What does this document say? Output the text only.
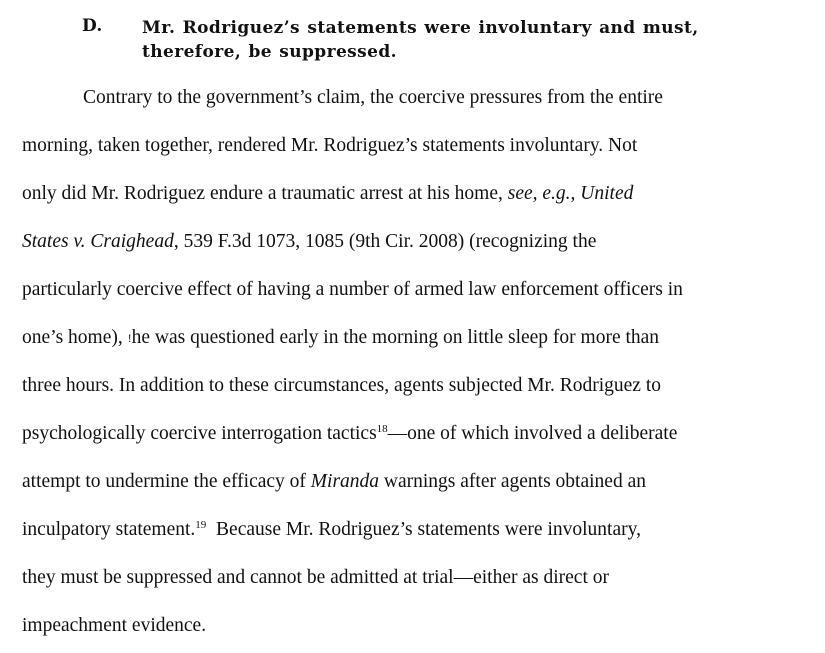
D. Mr. Rodriguez’s statements were involuntary and must, therefore, be suppressed.
Contrary to the government’s claim, the coercive pressures from the entire
morning, taken together, rendered Mr. Rodriguez’s statements involuntary. Not
only did Mr. Rodriguez endure a traumatic arrest at his home, see, e.g., United
States v. Craighead, 539 F.3d 1073, 1085 (9th Cir. 2008) (recognizing the
particularly coercive effect of having a number of armed law enforcement officers in
one’s home), !he was questioned early in the morning on little sleep for more than
three hours. In addition to these circumstances, agents subjected Mr. Rodriguez to
psychologically coercive interrogation tactics$^{18}$—one of which involved a deliberate
attempt to undermine the efficacy of Miranda warnings after agents obtained an
inculpatory statement.$^{19}$  Because Mr. Rodriguez’s statements were involuntary,
they must be suppressed and cannot be admitted at trial—either as direct or
impeachment evidence.
